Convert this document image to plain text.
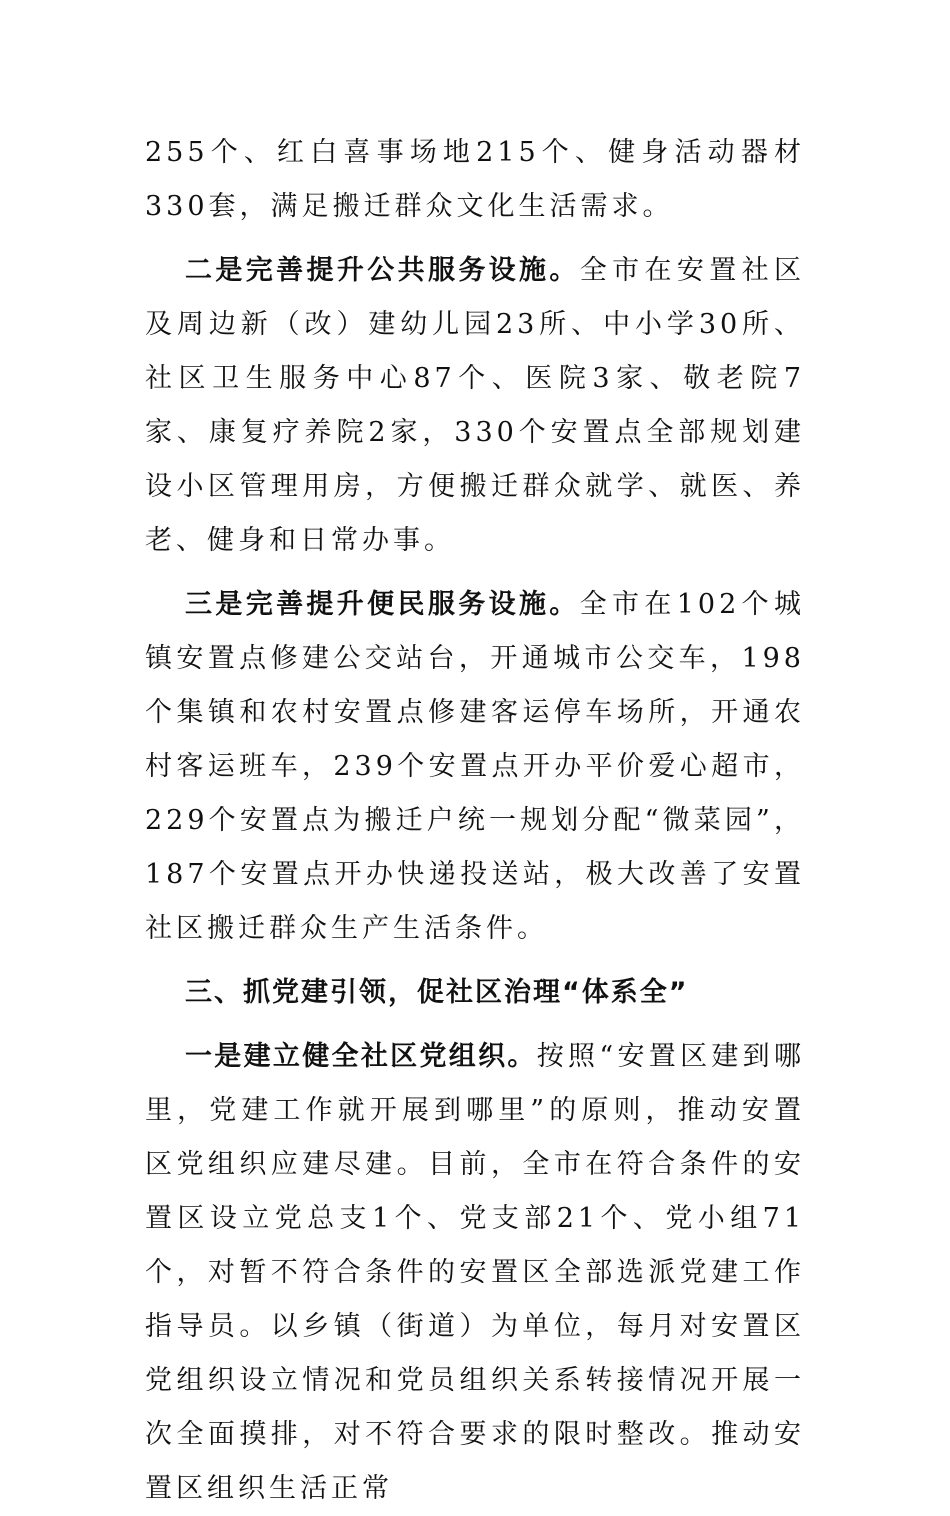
255个、红白喜事场地215个、健身活动器材330套，满足搬迁群众文化生活需求。

二是完善提升公共服务设施。全市在安置社区及周边新（改）建幼儿园23所、中小学30所、社区卫生服务中心87个、医院3家、敬老院7家、康复疗养院2家，330个安置点全部规划建设小区管理用房，方便搬迁群众就学、就医、养老、健身和日常办事。

三是完善提升便民服务设施。全市在102个城镇安置点修建公交站台，开通城市公交车，198个集镇和农村安置点修建客运停车场所，开通农村客运班车，239个安置点开办平价爱心超市，229个安置点为搬迁户统一规划分配“微菜园”，187个安置点开办快递投送站，极大改善了安置社区搬迁群众生产生活条件。

三、抓党建引领，促社区治理“体系全”

一是建立健全社区党组织。按照“安置区建到哪里，党建工作就开展到哪里”的原则，推动安置区党组织应建尽建。目前，全市在符合条件的安置区设立党总支1个、党支部21个、党小组71个，对暂不符合条件的安置区全部选派党建工作指导员。以乡镇（街道）为单位，每月对安置区党组织设立情况和党员组织关系转接情况开展一次全面摸排，对不符合要求的限时整改。推动安置区组织生活正常
